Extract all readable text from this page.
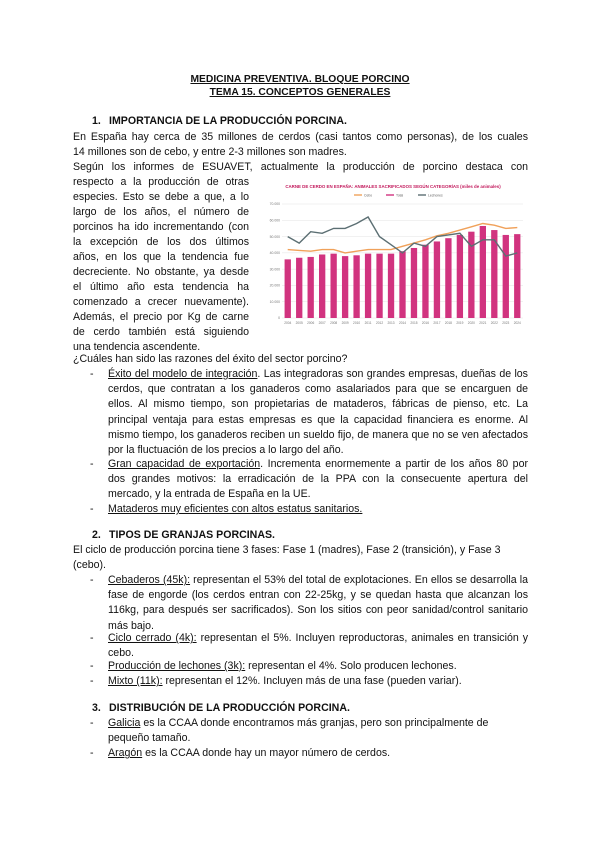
MEDICINA PREVENTIVA. BLOQUE PORCINO
TEMA 15. CONCEPTOS GENERALES
1. IMPORTANCIA DE LA PRODUCCIÓN PORCINA.
En España hay cerca de 35 millones de cerdos (casi tantos como personas), de los cuales
14 millones son de cebo, y entre 2-3 millones son madres.
Según los informes de ESUAVET, actualmente la producción de porcino destaca con
respecto a la producción de otras
especies. Esto se debe a que, a lo
largo de los años, el número de
porcinos ha ido incrementando (con
la excepción de los dos últimos
años, en los que la tendencia fue
decreciente. No obstante, ya desde
el último año esta tendencia ha
comenzado a crecer nuevamente).
Además, el precio por Kg de carne
de cerdo también está siguiendo
una tendencia ascendente.
CARNE DE CERDO EN ESPAÑA: ANIMALES SACRIFICADOS SEGÚN CATEGORÍAS (miles de animales)
Cebo	Total	Lechones
2004 2005 2006 2007 2008 2009 2010 2011 2012 2013 2014 2015 2016 2017 2018 2019 2020 2021 2022 2023 2024
0
10.000
20.000
30.000
40.000
50.000
60.000
70.000
¿Cuáles han sido las razones del éxito del sector porcino?
- Éxito del modelo de integración. Las integradoras son grandes empresas, dueñas de los cerdos, que contratan a los ganaderos como asalariados para que se encarguen de ellos. Al mismo tiempo, son propietarias de mataderos, fábricas de pienso, etc. La principal ventaja para estas empresas es que la capacidad financiera es enorme. Al mismo tiempo, los ganaderos reciben un sueldo fijo, de manera que no se ven afectados por la fluctuación de los precios a lo largo del año.
- Gran capacidad de exportación. Incrementa enormemente a partir de los años 80 por dos grandes motivos: la erradicación de la PPA con la consecuente apertura del mercado, y la entrada de España en la UE.
- Mataderos muy eficientes con altos estatus sanitarios.
2. TIPOS DE GRANJAS PORCINAS.
El ciclo de producción porcina tiene 3 fases: Fase 1 (madres), Fase 2 (transición), y Fase 3 (cebo).
- Cebaderos (45k): representan el 53% del total de explotaciones. En ellos se desarrolla la fase de engorde (los cerdos entran con 22-25kg, y se quedan hasta que alcanzan los 116kg, para después ser sacrificados). Son los sitios con peor sanidad/control sanitario más bajo.
- Ciclo cerrado (4k): representan el 5%. Incluyen reproductoras, animales en transición y cebo.
- Producción de lechones (3k): representan el 4%. Solo producen lechones.
- Mixto (11k): representan el 12%. Incluyen más de una fase (pueden variar).
3. DISTRIBUCIÓN DE LA PRODUCCIÓN PORCINA.
- Galicia es la CCAA donde encontramos más granjas, pero son principalmente de pequeño tamaño.
- Aragón es la CCAA donde hay un mayor número de cerdos.
